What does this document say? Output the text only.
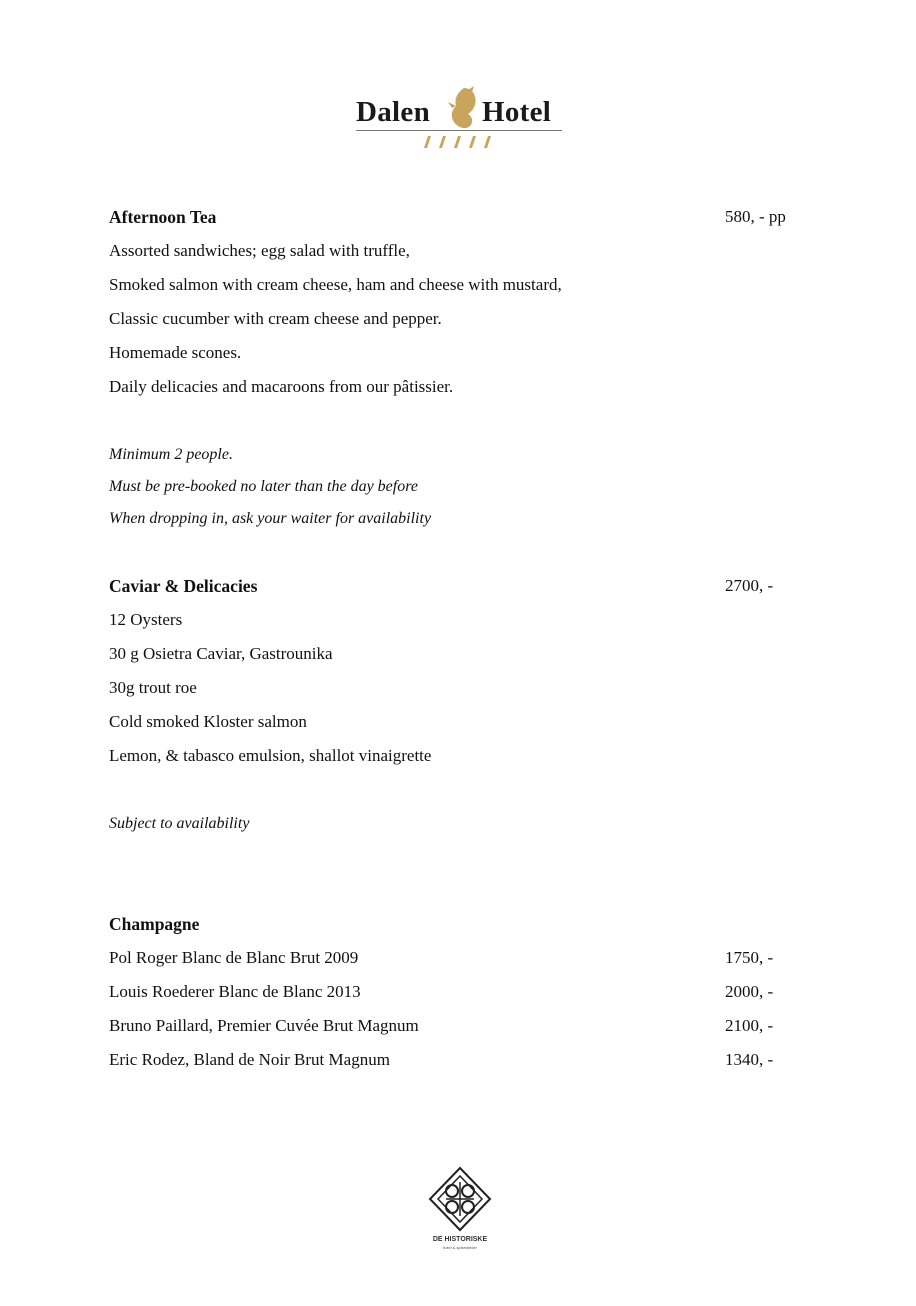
Dalen Hotel
Afternoon Tea	580, - pp
Assorted sandwiches; egg salad with truffle,
Smoked salmon with cream cheese, ham and cheese with mustard,
Classic cucumber with cream cheese and pepper.
Homemade scones.
Daily delicacies and macaroons from our pâtissier.
Minimum 2 people.
Must be pre-booked no later than the day before
When dropping in, ask your waiter for availability
Caviar & Delicacies	2700, -
12 Oysters
30 g Osietra Caviar, Gastrounika
30g trout roe
Cold smoked Kloster salmon
Lemon, & tabasco emulsion, shallot vinaigrette
Subject to availability
Champagne
Pol Roger Blanc de Blanc Brut 2009	1750, -
Louis Roederer Blanc de Blanc 2013	2000, -
Bruno Paillard, Premier Cuvée Brut Magnum	2100, -
Eric Rodez, Bland de Noir Brut Magnum	1340, -
DE HISTORISKE
hotel & spisesteder
